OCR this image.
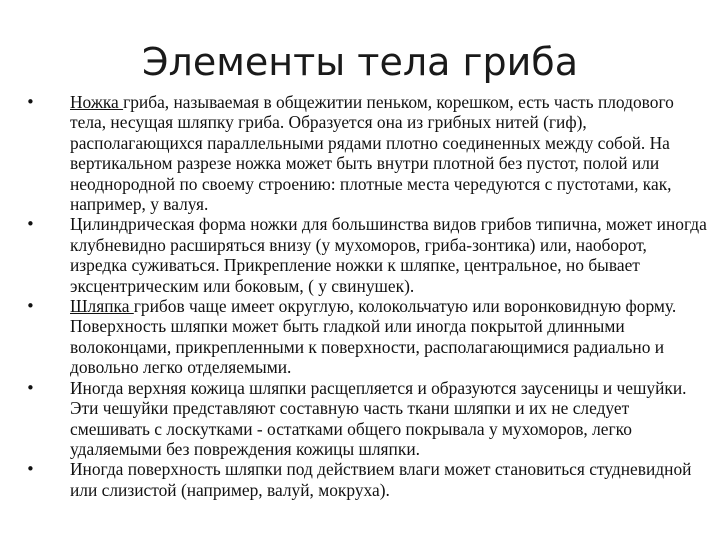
Элементы тела гриба
• Ножка гриба, называемая в общежитии пеньком, корешком, есть часть плодового тела, несущая шляпку гриба. Образуется она из грибных нитей (гиф), располагающихся параллельными рядами плотно соединенных между собой. На вертикальном разрезе ножка может быть внутри плотной без пустот, полой или неоднородной по своему строению: плотные места чередуются с пустотами, как, например, у валуя.
• Цилиндрическая форма ножки для большинства видов грибов типична, может иногда клубневидно расширяться внизу (у мухоморов, гриба-зонтика) или, наоборот, изредка суживаться. Прикрепление ножки к шляпке, центральное, но бывает эксцентрическим или боковым, ( у свинушек).
• Шляпка грибов чаще имеет округлую, колокольчатую или воронковидную форму. Поверхность шляпки может быть гладкой или иногда покрытой длинными волоконцами, прикрепленными к поверхности, располагающимися радиально и довольно легко отделяемыми.
• Иногда верхняя кожица шляпки расщепляется и образуются заусеницы и чешуйки. Эти чешуйки представляют составную часть ткани шляпки и их не следует смешивать с лоскутками - остатками общего покрывала у мухоморов, легко удаляемыми без повреждения кожицы шляпки.
• Иногда поверхность шляпки под действием влаги может становиться студневидной или слизистой (например, валуй, мокруха).
